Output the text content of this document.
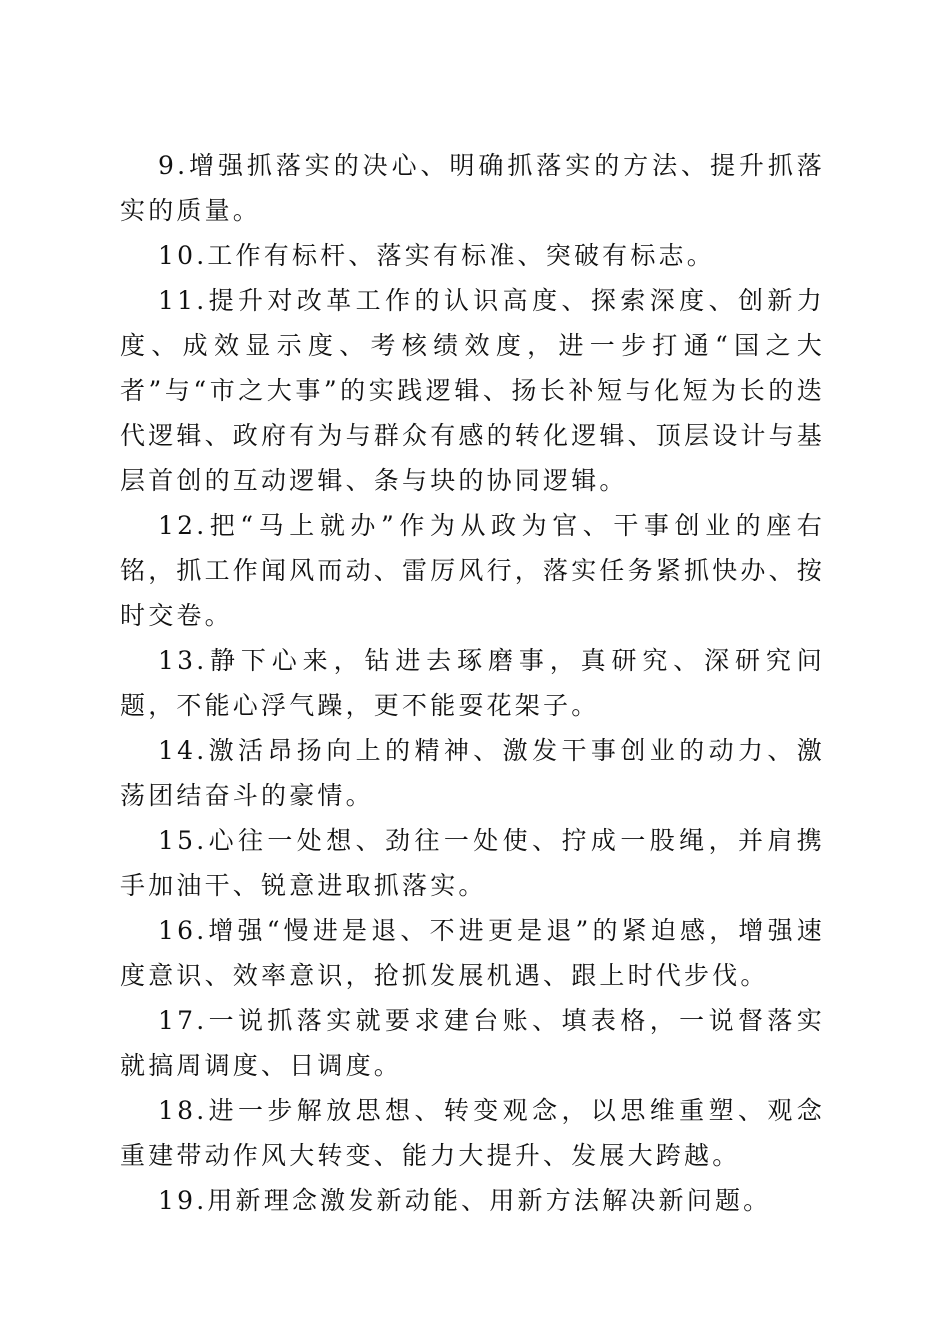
9.增强抓落实的决心、明确抓落实的方法、提升抓落实的质量。

10.工作有标杆、落实有标准、突破有标志。

11.提升对改革工作的认识高度、探索深度、创新力度、成效显示度、考核绩效度，进一步打通“国之大者”与“市之大事”的实践逻辑、扬长补短与化短为长的迭代逻辑、政府有为与群众有感的转化逻辑、顶层设计与基层首创的互动逻辑、条与块的协同逻辑。

12.把“马上就办”作为从政为官、干事创业的座右铭，抓工作闻风而动、雷厉风行，落实任务紧抓快办、按时交卷。

13.静下心来，钻进去琢磨事，真研究、深研究问题，不能心浮气躁，更不能耍花架子。

14.激活昂扬向上的精神、激发干事创业的动力、激荡团结奋斗的豪情。

15.心往一处想、劲往一处使、拧成一股绳，并肩携手加油干、锐意进取抓落实。

16.增强“慢进是退、不进更是退”的紧迫感，增强速度意识、效率意识，抢抓发展机遇、跟上时代步伐。

17.一说抓落实就要求建台账、填表格，一说督落实就搞周调度、日调度。

18.进一步解放思想、转变观念，以思维重塑、观念重建带动作风大转变、能力大提升、发展大跨越。

19.用新理念激发新动能、用新方法解决新问题。
